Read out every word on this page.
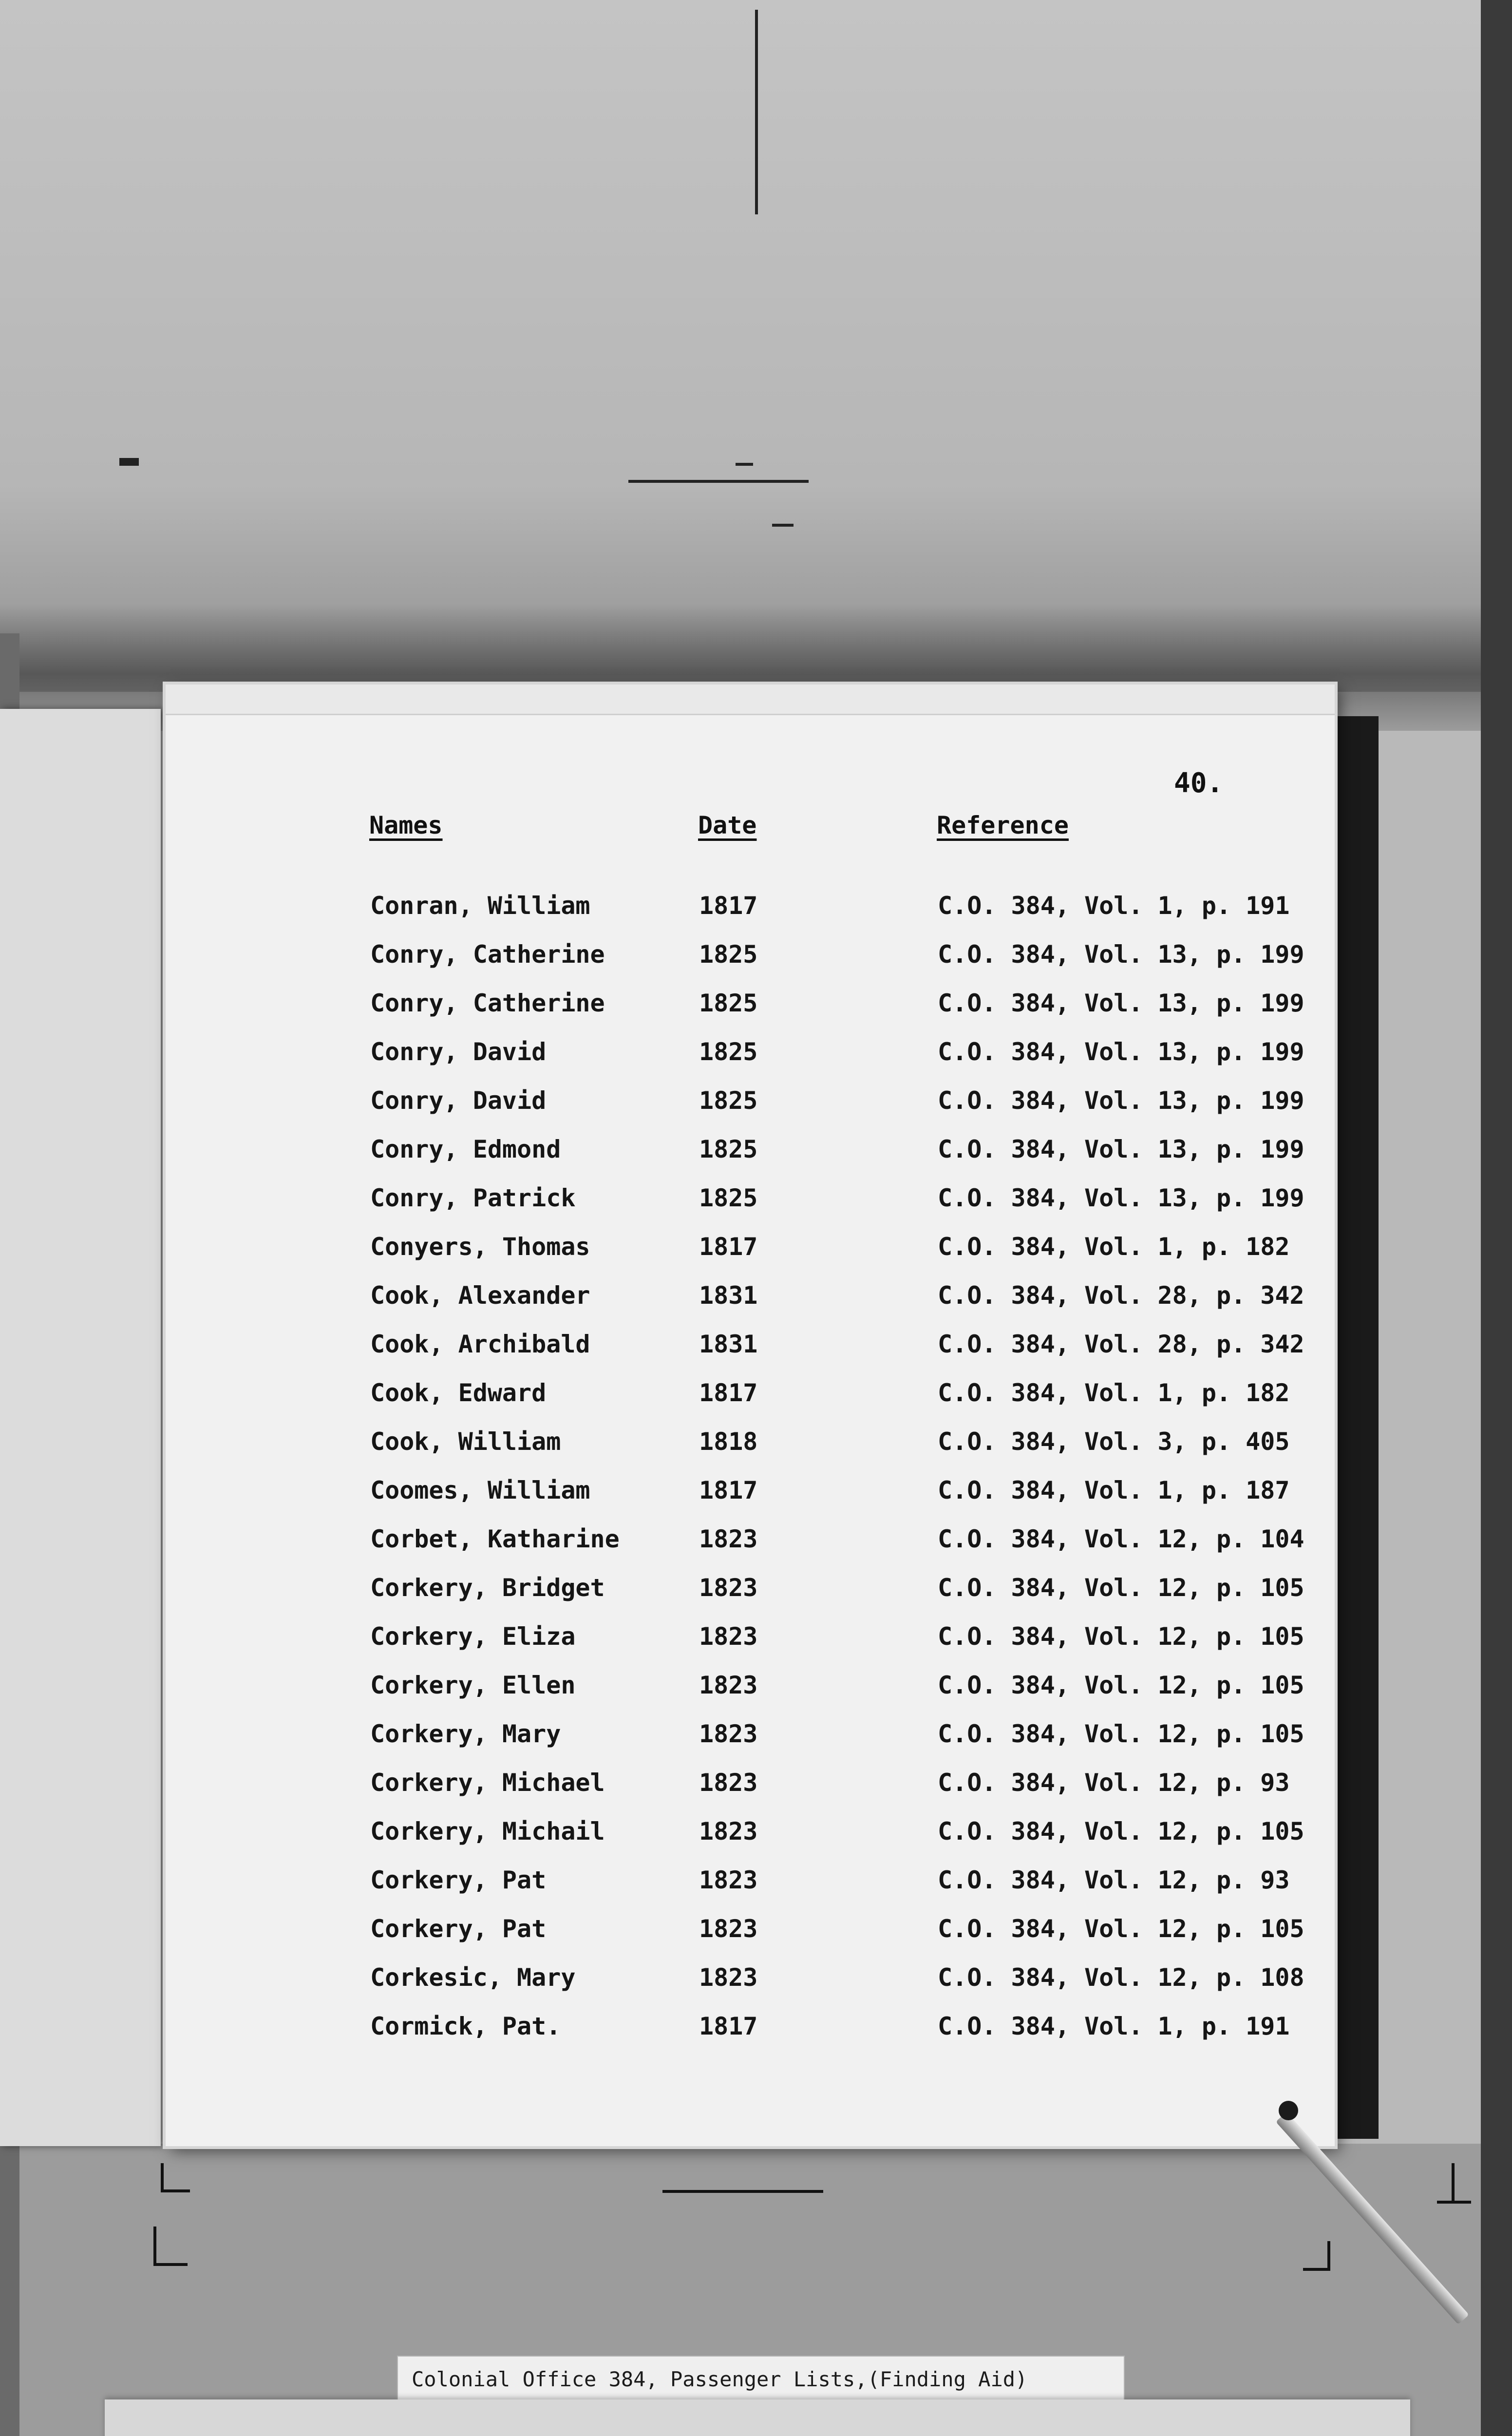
40.
Names	Date	Reference
Conran, William	1817	C.O. 384, Vol. 1, p. 191
Conry, Catherine	1825	C.O. 384, Vol. 13, p. 199
Conry, Catherine	1825	C.O. 384, Vol. 13, p. 199
Conry, David	1825	C.O. 384, Vol. 13, p. 199
Conry, David	1825	C.O. 384, Vol. 13, p. 199
Conry, Edmond	1825	C.O. 384, Vol. 13, p. 199
Conry, Patrick	1825	C.O. 384, Vol. 13, p. 199
Conyers, Thomas	1817	C.O. 384, Vol. 1, p. 182
Cook, Alexander	1831	C.O. 384, Vol. 28, p. 342
Cook, Archibald	1831	C.O. 384, Vol. 28, p. 342
Cook, Edward	1817	C.O. 384, Vol. 1, p. 182
Cook, William	1818	C.O. 384, Vol. 3, p. 405
Coomes, William	1817	C.O. 384, Vol. 1, p. 187
Corbet, Katharine	1823	C.O. 384, Vol. 12, p. 104
Corkery, Bridget	1823	C.O. 384, Vol. 12, p. 105
Corkery, Eliza	1823	C.O. 384, Vol. 12, p. 105
Corkery, Ellen	1823	C.O. 384, Vol. 12, p. 105
Corkery, Mary	1823	C.O. 384, Vol. 12, p. 105
Corkery, Michael	1823	C.O. 384, Vol. 12, p. 93
Corkery, Michail	1823	C.O. 384, Vol. 12, p. 105
Corkery, Pat	1823	C.O. 384, Vol. 12, p. 93
Corkery, Pat	1823	C.O. 384, Vol. 12, p. 105
Corkesic, Mary	1823	C.O. 384, Vol. 12, p. 108
Cormick, Pat.	1817	C.O. 384, Vol. 1, p. 191
Colonial Office 384, Passenger Lists,(Finding Aid)
